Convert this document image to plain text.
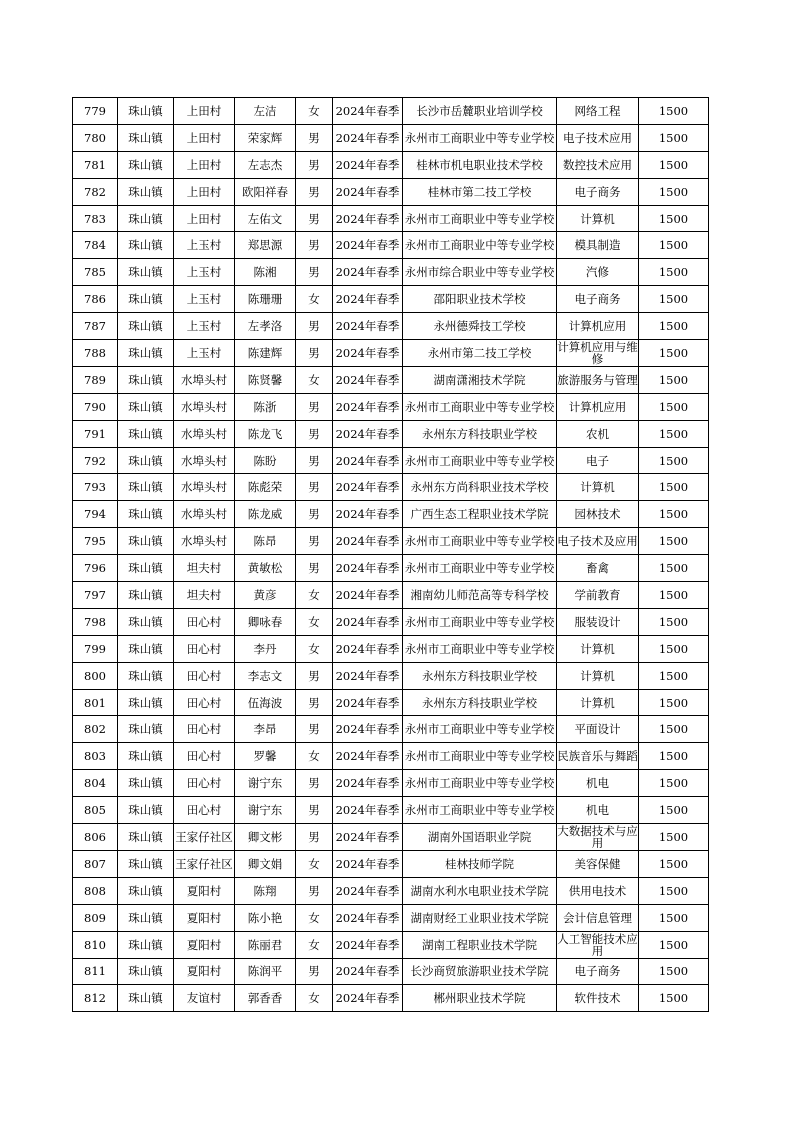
779	珠山镇	上田村	左洁	女	2024年春季	长沙市岳麓职业培训学校	网络工程	1500
780	珠山镇	上田村	荣家辉	男	2024年春季	永州市工商职业中等专业学校	电子技术应用	1500
781	珠山镇	上田村	左志杰	男	2024年春季	桂林市机电职业技术学校	数控技术应用	1500
782	珠山镇	上田村	欧阳祥春	男	2024年春季	桂林市第二技工学校	电子商务	1500
783	珠山镇	上田村	左佑文	男	2024年春季	永州市工商职业中等专业学校	计算机	1500
784	珠山镇	上玉村	郑思源	男	2024年春季	永州市工商职业中等专业学校	模具制造	1500
785	珠山镇	上玉村	陈湘	男	2024年春季	永州市综合职业中等专业学校	汽修	1500
786	珠山镇	上玉村	陈珊珊	女	2024年春季	邵阳职业技术学校	电子商务	1500
787	珠山镇	上玉村	左孝洛	男	2024年春季	永州德舜技工学校	计算机应用	1500
788	珠山镇	上玉村	陈建辉	男	2024年春季	永州市第二技工学校	计算机应用与维修	1500
789	珠山镇	水埠头村	陈贤馨	女	2024年春季	湖南潇湘技术学院	旅游服务与管理	1500
790	珠山镇	水埠头村	陈浙	男	2024年春季	永州市工商职业中等专业学校	计算机应用	1500
791	珠山镇	水埠头村	陈龙飞	男	2024年春季	永州东方科技职业学校	农机	1500
792	珠山镇	水埠头村	陈盼	男	2024年春季	永州市工商职业中等专业学校	电子	1500
793	珠山镇	水埠头村	陈彪荣	男	2024年春季	永州东方尚科职业技术学校	计算机	1500
794	珠山镇	水埠头村	陈龙威	男	2024年春季	广西生态工程职业技术学院	园林技术	1500
795	珠山镇	水埠头村	陈昂	男	2024年春季	永州市工商职业中等专业学校	电子技术及应用	1500
796	珠山镇	坦夫村	黄敏松	男	2024年春季	永州市工商职业中等专业学校	畜禽	1500
797	珠山镇	坦夫村	黄彦	女	2024年春季	湘南幼儿师范高等专科学校	学前教育	1500
798	珠山镇	田心村	卿咏春	女	2024年春季	永州市工商职业中等专业学校	服装设计	1500
799	珠山镇	田心村	李丹	女	2024年春季	永州市工商职业中等专业学校	计算机	1500
800	珠山镇	田心村	李志文	男	2024年春季	永州东方科技职业学校	计算机	1500
801	珠山镇	田心村	伍海波	男	2024年春季	永州东方科技职业学校	计算机	1500
802	珠山镇	田心村	李昂	男	2024年春季	永州市工商职业中等专业学校	平面设计	1500
803	珠山镇	田心村	罗馨	女	2024年春季	永州市工商职业中等专业学校	民族音乐与舞蹈	1500
804	珠山镇	田心村	谢宁东	男	2024年春季	永州市工商职业中等专业学校	机电	1500
805	珠山镇	田心村	谢宁东	男	2024年春季	永州市工商职业中等专业学校	机电	1500
806	珠山镇	王家仔社区	卿文彬	男	2024年春季	湖南外国语职业学院	大数据技术与应用	1500
807	珠山镇	王家仔社区	卿文娟	女	2024年春季	桂林技师学院	美容保健	1500
808	珠山镇	夏阳村	陈翔	男	2024年春季	湖南水利水电职业技术学院	供用电技术	1500
809	珠山镇	夏阳村	陈小艳	女	2024年春季	湖南财经工业职业技术学院	会计信息管理	1500
810	珠山镇	夏阳村	陈丽君	女	2024年春季	湖南工程职业技术学院	人工智能技术应用	1500
811	珠山镇	夏阳村	陈润平	男	2024年春季	长沙商贸旅游职业技术学院	电子商务	1500
812	珠山镇	友谊村	郭香香	女	2024年春季	郴州职业技术学院	软件技术	1500
